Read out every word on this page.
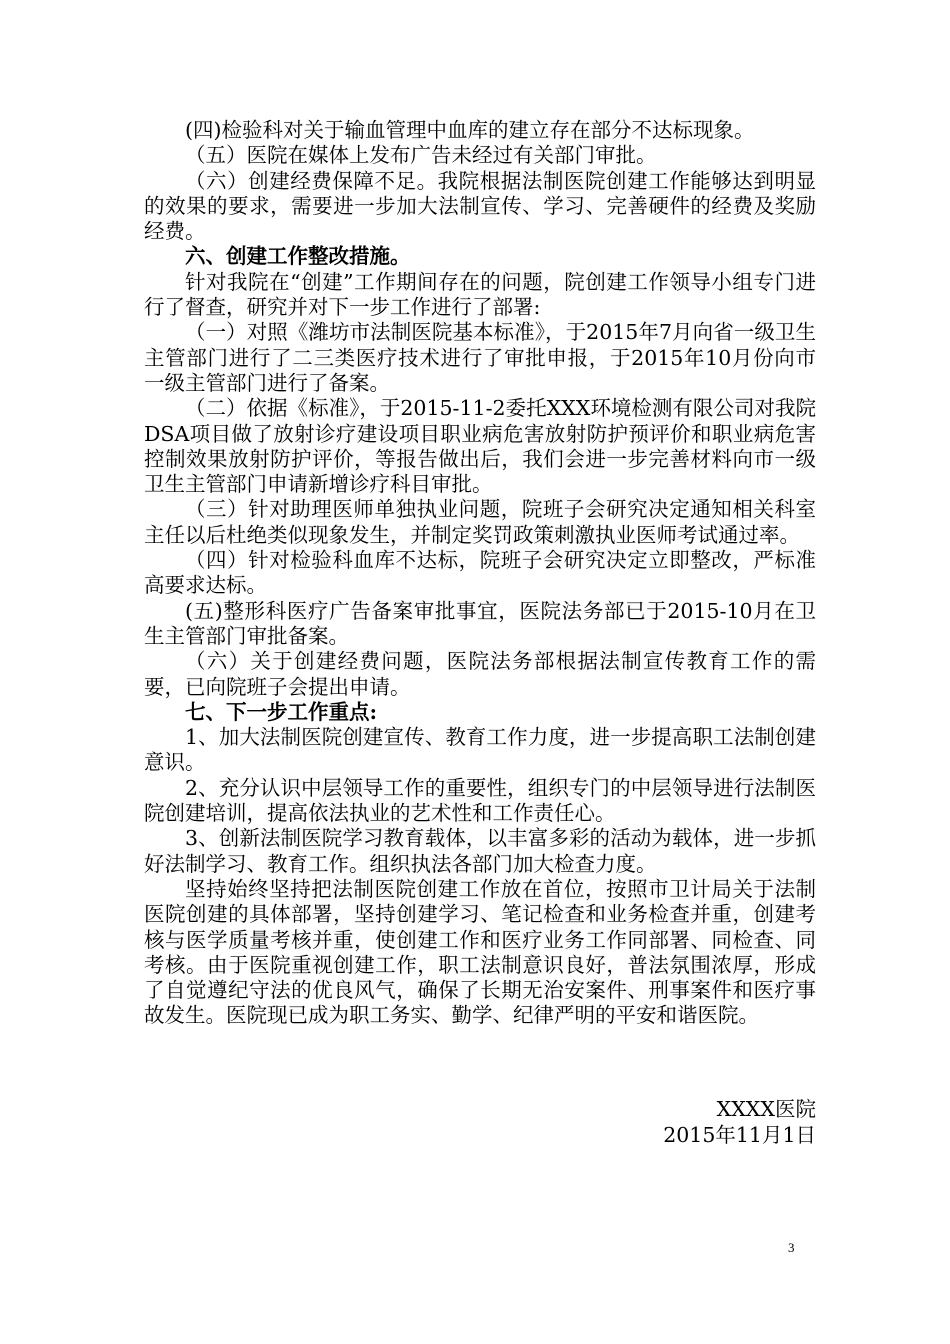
(四)检验科对关于输血管理中血库的建立存在部分不达标现象。

（五）医院在媒体上发布广告未经过有关部门审批。

（六）创建经费保障不足。我院根据法制医院创建工作能够达到明显的效果的要求，需要进一步加大法制宣传、学习、完善硬件的经费及奖励经费。

六、创建工作整改措施。

针对我院在“创建”工作期间存在的问题，院创建工作领导小组专门进行了督查，研究并对下一步工作进行了部署:

（一）对照《潍坊市法制医院基本标准》，于2015年7月向省一级卫生主管部门进行了二三类医疗技术进行了审批申报，于2015年10月份向市一级主管部门进行了备案。

（二）依据《标准》，于2015-11-2委托XXX环境检测有限公司对我院DSA项目做了放射诊疗建设项目职业病危害放射防护预评价和职业病危害控制效果放射防护评价，等报告做出后，我们会进一步完善材料向市一级卫生主管部门申请新增诊疗科目审批。

（三）针对助理医师单独执业问题，院班子会研究决定通知相关科室主任以后杜绝类似现象发生，并制定奖罚政策刺激执业医师考试通过率。

（四）针对检验科血库不达标，院班子会研究决定立即整改，严标准高要求达标。

(五)整形科医疗广告备案审批事宜，医院法务部已于2015-10月在卫生主管部门审批备案。

（六）关于创建经费问题，医院法务部根据法制宣传教育工作的需要，已向院班子会提出申请。

七、下一步工作重点:

1、加大法制医院创建宣传、教育工作力度，进一步提高职工法制创建意识。

2、充分认识中层领导工作的重要性，组织专门的中层领导进行法制医院创建培训，提高依法执业的艺术性和工作责任心。

3、创新法制医院学习教育载体，以丰富多彩的活动为载体，进一步抓好法制学习、教育工作。组织执法各部门加大检查力度。

坚持始终坚持把法制医院创建工作放在首位，按照市卫计局关于法制医院创建的具体部署，坚持创建学习、笔记检查和业务检查并重，创建考核与医学质量考核并重，使创建工作和医疗业务工作同部署、同检查、同考核。由于医院重视创建工作，职工法制意识良好，普法氛围浓厚，形成了自觉遵纪守法的优良风气，确保了长期无治安案件、刑事案件和医疗事故发生。医院现已成为职工务实、勤学、纪律严明的平安和谐医院。

XXXX医院
2015年11月1日
3
